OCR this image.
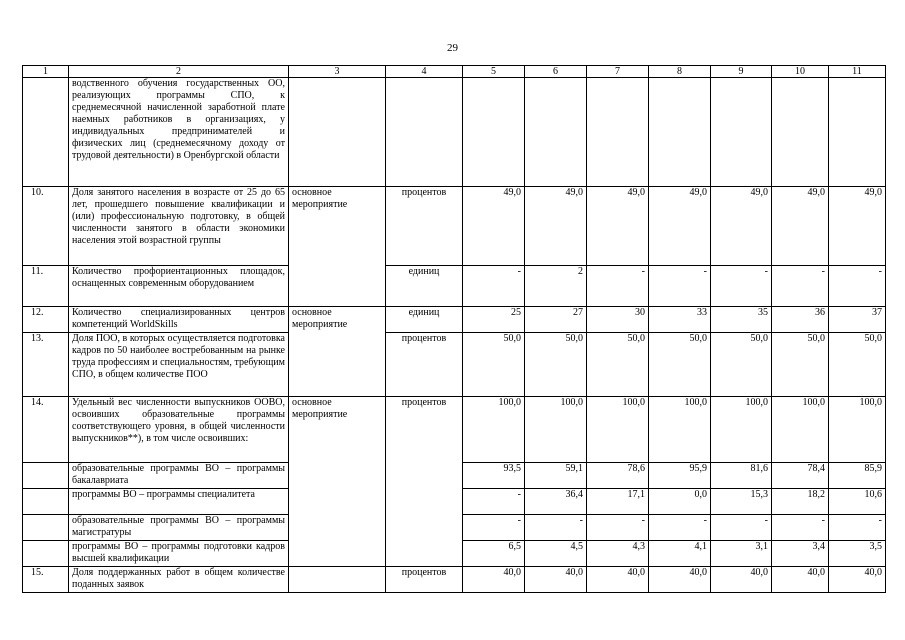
29
1	2	3	4	5	6	7	8	9	10	11
	водственного обучения государственных ОО, реализующих программы СПО, к среднемесячной начисленной заработной плате наемных работников в организациях, у индивидуальных предпринимателей и физических лиц (среднемесячному доходу от трудовой деятельности) в Оренбургской области									
10.	Доля занятого населения в возрасте от 25 до 65 лет, прошедшего повышение квалификации и (или) профессиональную подготовку, в общей численности занятого в области экономики населения этой возрастной группы	основное мероприятие	процентов	49,0	49,0	49,0	49,0	49,0	49,0	49,0
11.	Количество профориентационных площадок, оснащенных современным оборудованием		единиц	-	2	-	-	-	-	-
12.	Количество специализированных центров компетенций WorldSkills	основное мероприятие	единиц	25	27	30	33	35	36	37
13.	Доля ПОО, в которых осуществляется подготовка кадров по 50 наиболее востребованным на рынке труда профессиям и специальностям, требующим СПО, в общем количестве ПОО		процентов	50,0	50,0	50,0	50,0	50,0	50,0	50,0
14.	Удельный вес численности выпускников ООВО, освоивших образовательные программы соответствующего уровня, в общей численности выпускников**), в том числе освоивших:	основное мероприятие	процентов	100,0	100,0	100,0	100,0	100,0	100,0	100,0
	образовательные программы ВО – программы бакалавриата			93,5	59,1	78,6	95,9	81,6	78,4	85,9
	программы ВО – программы специалитета			-	36,4	17,1	0,0	15,3	18,2	10,6
	образовательные программы ВО – программы магистратуры			-	-	-	-	-	-	-
	программы ВО – программы подготовки кадров высшей квалификации			6,5	4,5	4,3	4,1	3,1	3,4	3,5
15.	Доля поддержанных работ в общем количестве поданных заявок		процентов	40,0	40,0	40,0	40,0	40,0	40,0	40,0
